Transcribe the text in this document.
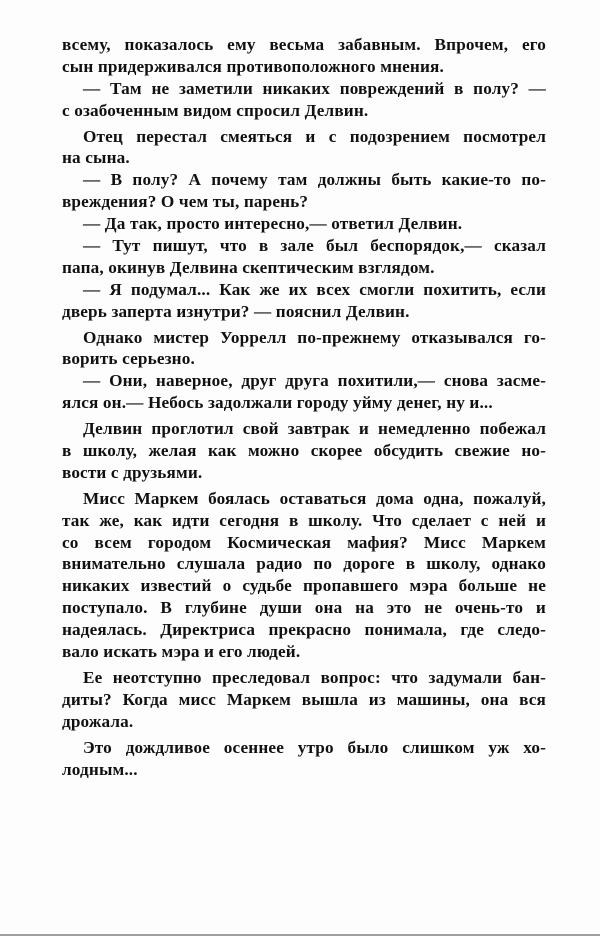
всему, показалось ему весьма забавным. Впрочем, его
сын придерживался противоположного мнения.
— Там не заметили никаких повреждений в полу? —
с озабоченным видом спросил Делвин.
Отец перестал смеяться и с подозрением посмотрел
на сына.
— В полу? А почему там должны быть какие-то по-
вреждения? О чем ты, парень?
— Да так, просто интересно,— ответил Делвин.
— Тут пишут, что в зале был беспорядок,— сказал
папа, окинув Делвина скептическим взглядом.
— Я подумал... Как же их всех смогли похитить, если
дверь заперта изнутри? — пояснил Делвин.
Однако мистер Уоррелл по-прежнему отказывался го-
ворить серьезно.
— Они, наверное, друг друга похитили,— снова засме-
ялся он.— Небось задолжали городу уйму денег, ну и...
Делвин проглотил свой завтрак и немедленно побежал
в школу, желая как можно скорее обсудить свежие но-
вости с друзьями.
Мисс Маркем боялась оставаться дома одна, пожалуй,
так же, как идти сегодня в школу. Что сделает с ней и
со всем городом Космическая мафия? Мисс Маркем
внимательно слушала радио по дороге в школу, однако
никаких известий о судьбе пропавшего мэра больше не
поступало. В глубине души она на это не очень-то и
надеялась. Директриса прекрасно понимала, где следо-
вало искать мэра и его людей.
Ее неотступно преследовал вопрос: что задумали бан-
диты? Когда мисс Маркем вышла из машины, она вся
дрожала.
Это дождливое осеннее утро было слишком уж хо-
лодным...
